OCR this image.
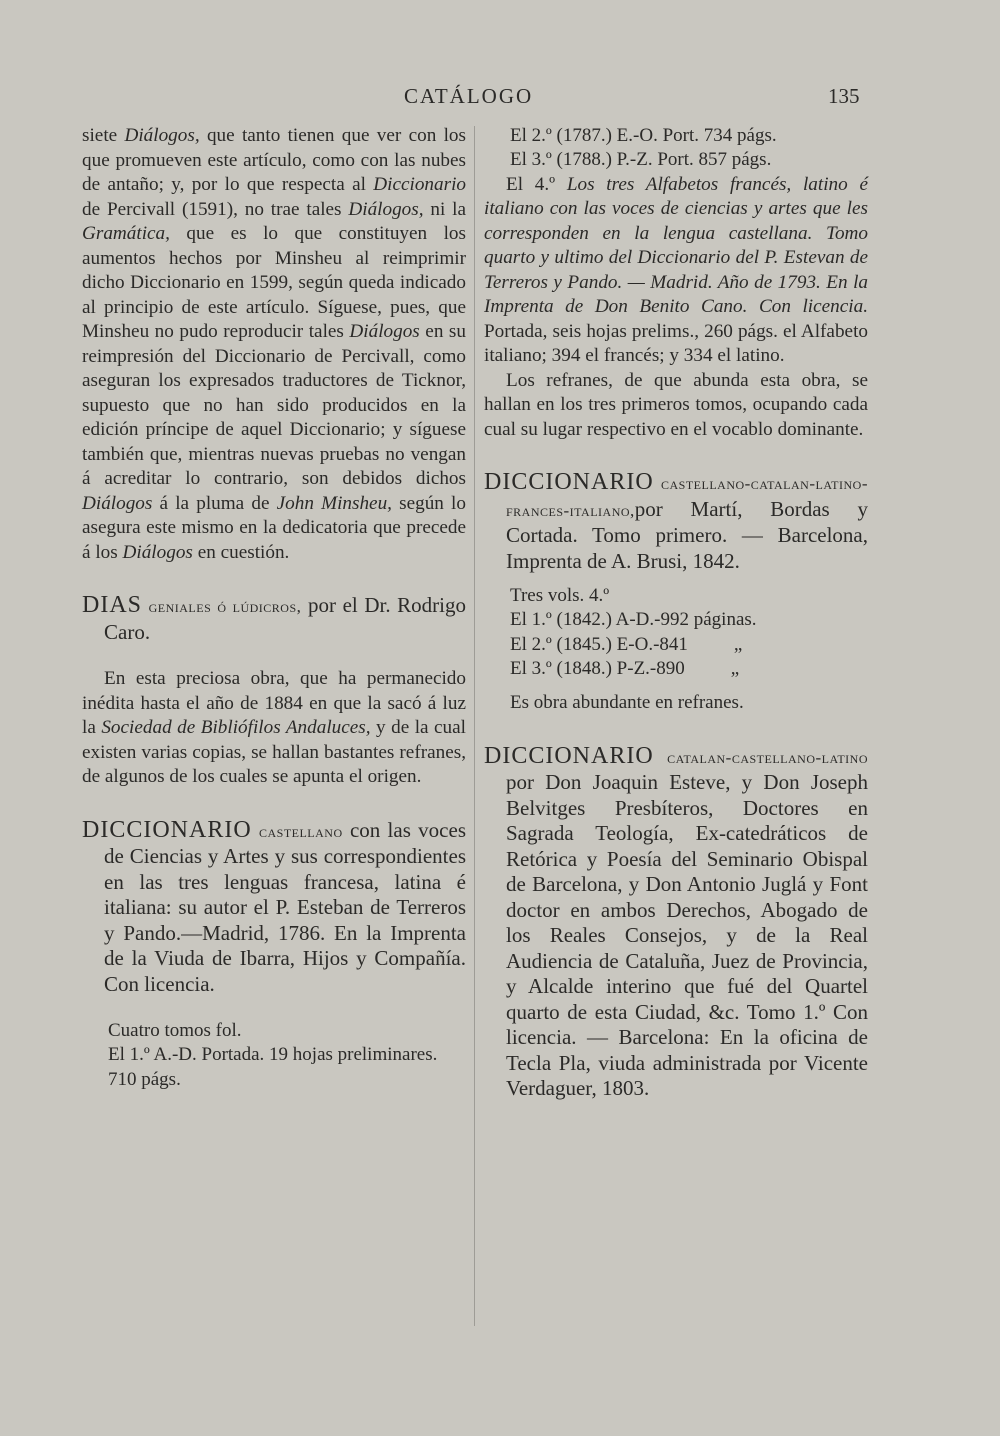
CATÁLOGO	135

siete Diálogos, que tanto tienen que ver con los que promueven este artículo, como con las nubes de antaño; y, por lo que respecta al Diccionario de Percivall (1591), no trae tales Diálogos, ni la Gramática, que es lo que constituyen los aumentos hechos por Minsheu al reimprimir dicho Diccionario en 1599, según queda indicado al principio de este artículo. Síguese, pues, que Minsheu no pudo reproducir tales Diálogos en su reimpresión del Diccionario de Percivall, como aseguran los expresados traductores de Ticknor, supuesto que no han sido producidos en la edición príncipe de aquel Diccionario; y síguese también que, mientras nuevas pruebas no vengan á acreditar lo contrario, son debidos dichos Diálogos á la pluma de John Minsheu, según lo asegura este mismo en la dedicatoria que precede á los Diálogos en cuestión.

DIAS geniales ó lúdicros, por el Dr. Rodrigo Caro.

En esta preciosa obra, que ha permanecido inédita hasta el año de 1884 en que la sacó á luz la Sociedad de Bibliófilos Andaluces, y de la cual existen varias copias, se hallan bastantes refranes, de algunos de los cuales se apunta el origen.

DICCIONARIO castellano con las voces de Ciencias y Artes y sus correspondientes en las tres lenguas francesa, latina é italiana: su autor el P. Esteban de Terreros y Pando.—Madrid, 1786. En la Imprenta de la Viuda de Ibarra, Hijos y Compañía. Con licencia.

Cuatro tomos fol.

El 1.º A.-D. Portada. 19 hojas preliminares. 710 págs.

El 2.º (1787.) E.-O. Port. 734 págs.

El 3.º (1788.) P.-Z. Port. 857 págs.

El 4.º Los tres Alfabetos francés, latino é italiano con las voces de ciencias y artes que les corresponden en la lengua castellana. Tomo quarto y ultimo del Diccionario del P. Estevan de Terreros y Pando. — Madrid. Año de 1793. En la Imprenta de Don Benito Cano. Con licencia. Portada, seis hojas prelims., 260 págs. el Alfabeto italiano; 394 el francés; y 334 el latino.

Los refranes, de que abunda esta obra, se hallan en los tres primeros tomos, ocupando cada cual su lugar respectivo en el vocablo dominante.

DICCIONARIO castellano-catalan-latino-frances-italiano,por Martí, Bordas y Cortada. Tomo primero. — Barcelona, Imprenta de A. Brusi, 1842.

Tres vols. 4.º

El 1.º (1842.) A-D.-992 páginas.

El 2.º (1845.) E-O.-841 „

El 3.º (1848.) P-Z.-890 „

Es obra abundante en refranes.

DICCIONARIO catalan-castellano-latino por Don Joaquin Esteve, y Don Joseph Belvitges Presbíteros, Doctores en Sagrada Teología, Ex-catedráticos de Retórica y Poesía del Seminario Obispal de Barcelona, y Don Antonio Juglá y Font doctor en ambos Derechos, Abogado de los Reales Consejos, y de la Real Audiencia de Cataluña, Juez de Provincia, y Alcalde interino que fué del Quartel quarto de esta Ciudad, &c. Tomo 1.º Con licencia. — Barcelona: En la oficina de Tecla Pla, viuda administrada por Vicente Verdaguer, 1803.
